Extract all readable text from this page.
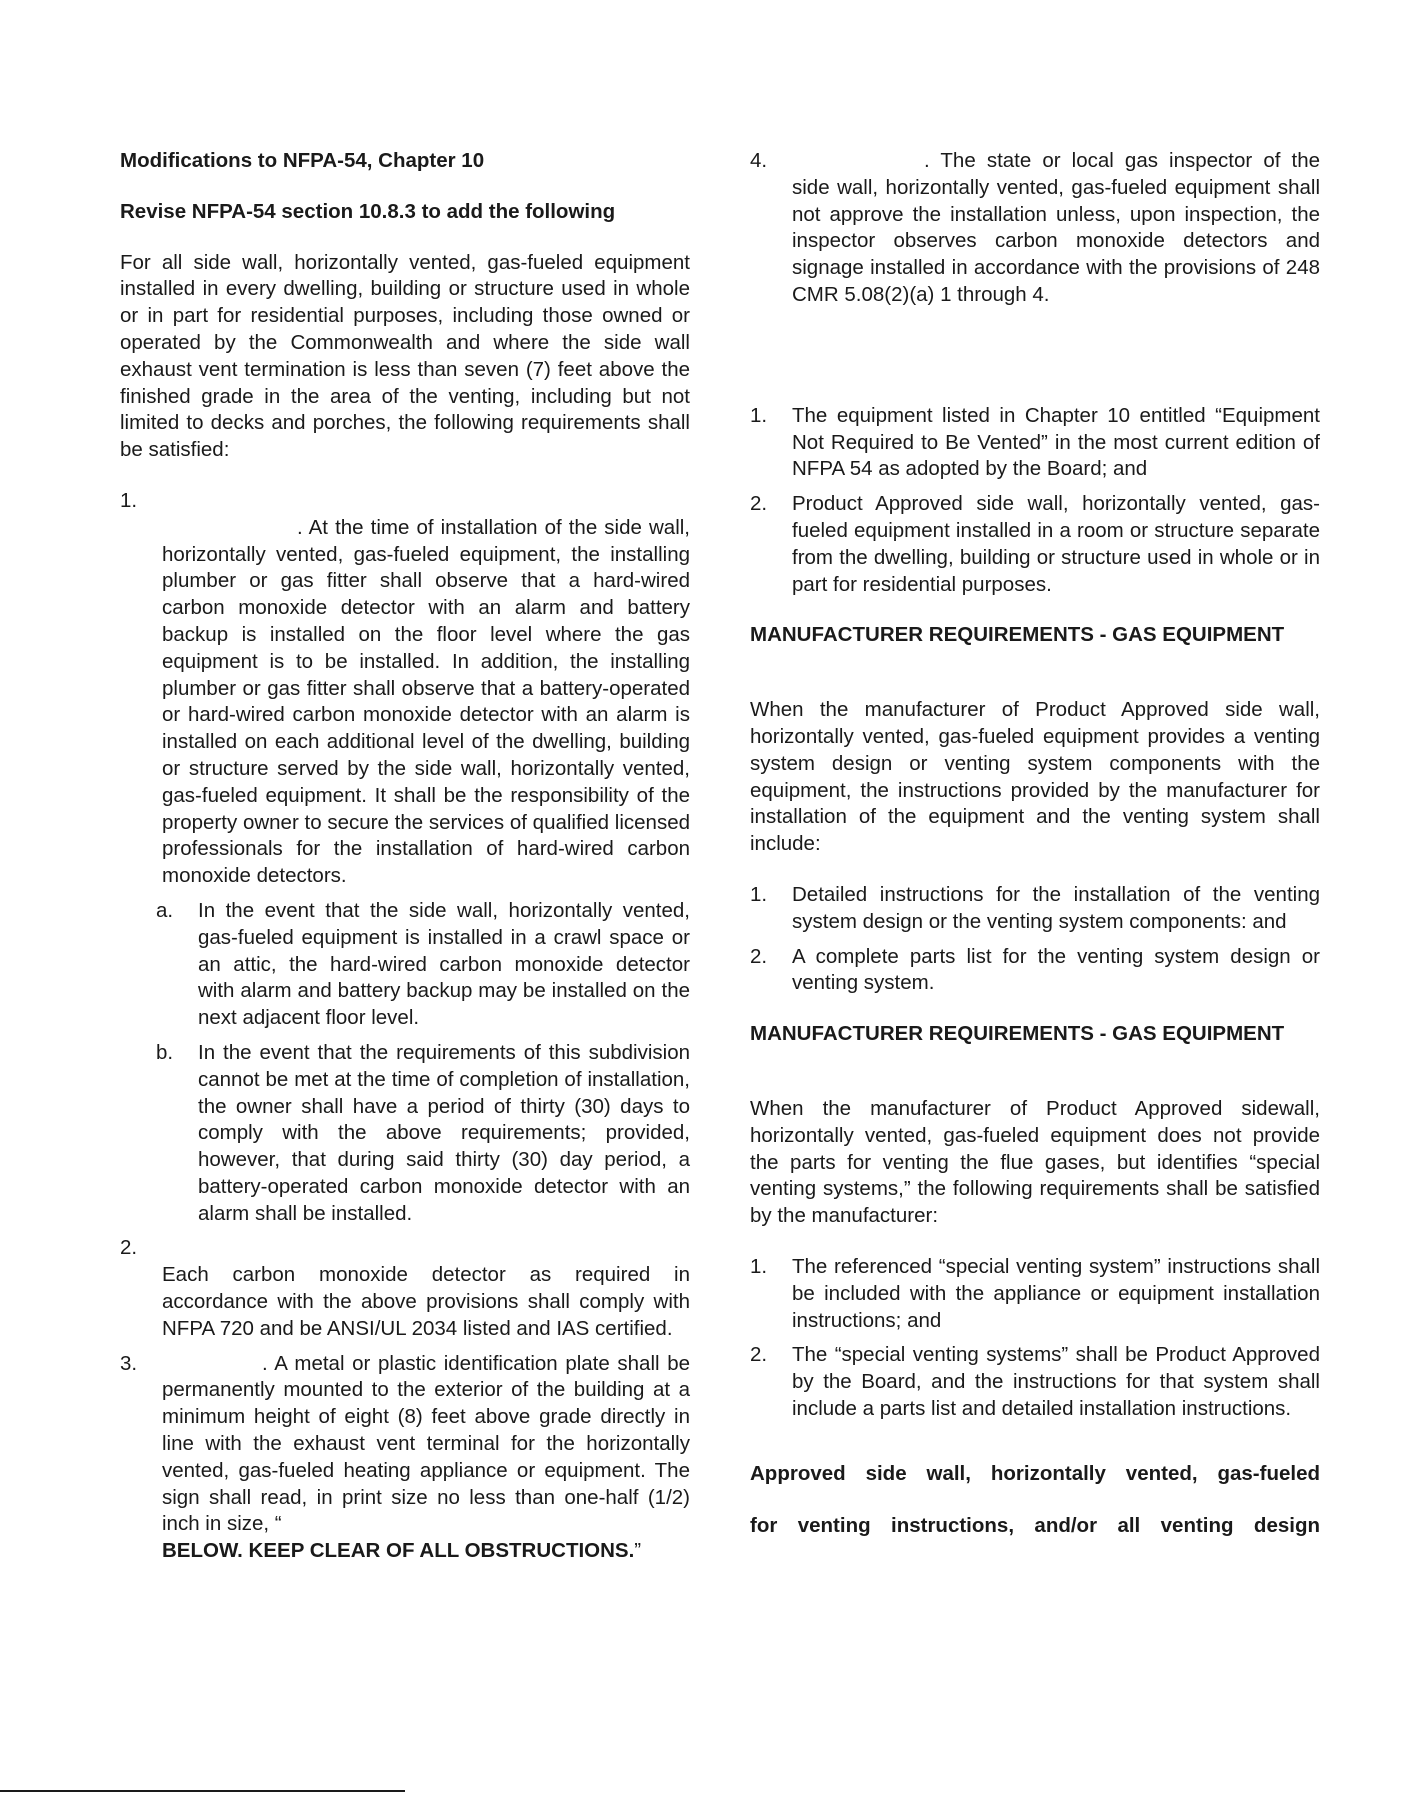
Modifications to NFPA-54, Chapter 10

Revise NFPA-54 section 10.8.3 to add the following

For all side wall, horizontally vented, gas-fueled equipment installed in every dwelling, building or structure used in whole or in part for residential purposes, including those owned or operated by the Commonwealth and where the side wall exhaust vent termination is less than seven (7) feet above the finished grade in the area of the venting, including but not limited to decks and porches, the following requirements shall be satisfied:

1.

. At the time of installation of the side wall, horizontally vented, gas-fueled equipment, the installing plumber or gas fitter shall observe that a hard-wired carbon monoxide detector with an alarm and battery backup is installed on the floor level where the gas equipment is to be installed. In addition, the installing plumber or gas fitter shall observe that a battery-operated or hard-wired carbon monoxide detector with an alarm is installed on each additional level of the dwelling, building or structure served by the side wall, horizontally vented, gas-fueled equipment. It shall be the responsibility of the property owner to secure the services of qualified licensed professionals for the installation of hard-wired carbon monoxide detectors.

a. In the event that the side wall, horizontally vented, gas-fueled equipment is installed in a crawl space or an attic, the hard-wired carbon monoxide detector with alarm and battery backup may be installed on the next adjacent floor level.

b. In the event that the requirements of this subdivision cannot be met at the time of completion of installation, the owner shall have a period of thirty (30) days to comply with the above requirements; provided, however, that during said thirty (30) day period, a battery-operated carbon monoxide detector with an alarm shall be installed.

2.

Each carbon monoxide detector as required in accordance with the above provisions shall comply with NFPA 720 and be ANSI/UL 2034 listed and IAS certified.

3.	. A metal or plastic identification plate shall be permanently mounted to the exterior of the building at a minimum height of eight (8) feet above grade directly in line with the exhaust vent terminal for the horizontally vented, gas-fueled heating appliance or equipment. The sign shall read, in print size no less than one-half (1/2) inch in size, “
BELOW. KEEP CLEAR OF ALL OBSTRUCTIONS.”

4.	. The state or local gas inspector of the side wall, horizontally vented, gas-fueled equipment shall not approve the installation unless, upon inspection, the inspector observes carbon monoxide detectors and signage installed in accordance with the provisions of 248 CMR 5.08(2)(a) 1 through 4.

1. The equipment listed in Chapter 10 entitled “Equipment Not Required to Be Vented” in the most current edition of NFPA 54 as adopted by the Board; and

2. Product Approved side wall, horizontally vented, gas-fueled equipment installed in a room or structure separate from the dwelling, building or structure used in whole or in part for residential purposes.

MANUFACTURER REQUIREMENTS - GAS EQUIPMENT

When the manufacturer of Product Approved side wall, horizontally vented, gas-fueled equipment provides a venting system design or venting system components with the equipment, the instructions provided by the manufacturer for installation of the equipment and the venting system shall include:

1. Detailed instructions for the installation of the venting system design or the venting system components: and

2. A complete parts list for the venting system design or venting system.

MANUFACTURER REQUIREMENTS - GAS EQUIPMENT

When the manufacturer of Product Approved sidewall, horizontally vented, gas-fueled equipment does not provide the parts for venting the flue gases, but identifies “special venting systems,” the following requirements shall be satisfied by the manufacturer:

1. The referenced “special venting system” instructions shall be included with the appliance or equipment installation instructions; and

2. The “special venting systems” shall be Product Approved by the Board, and the instructions for that system shall include a parts list and detailed installation instructions.

Approved side wall, horizontally vented, gas-fueled

for venting instructions, and/or all venting design
